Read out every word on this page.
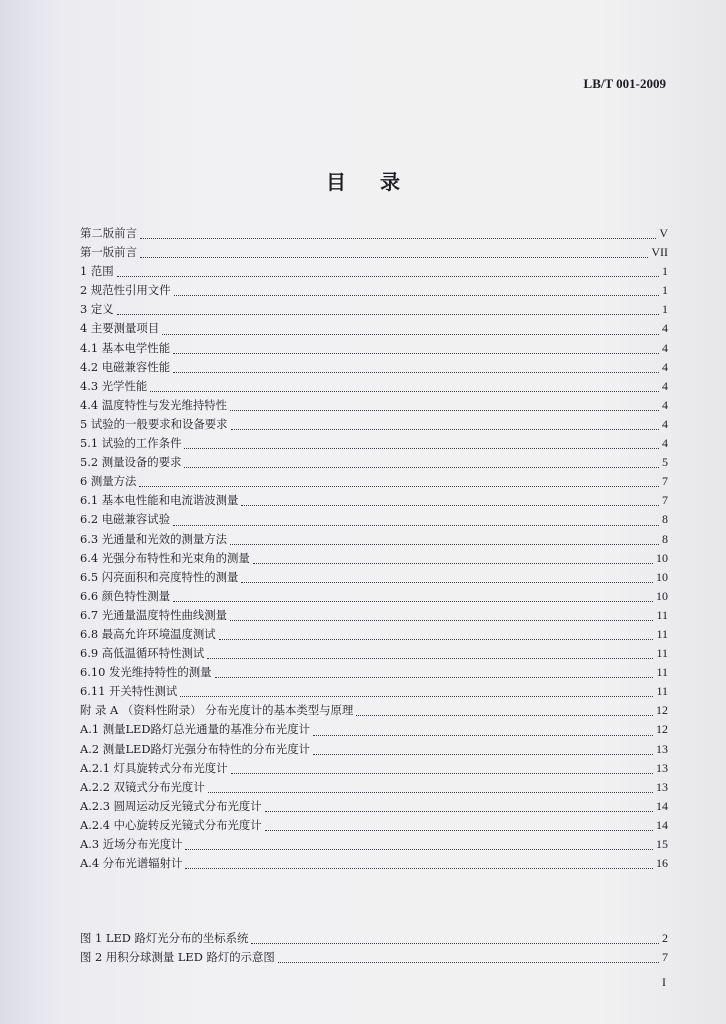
LB/T 001-2009
目录
第二版前言	V
第一版前言	VII
1 范围	1
2 规范性引用文件	1
3 定义	1
4 主要测量项目	4
4.1 基本电学性能	4
4.2 电磁兼容性能	4
4.3 光学性能	4
4.4 温度特性与发光维持特性	4
5 试验的一般要求和设备要求	4
5.1 试验的工作条件	4
5.2 测量设备的要求	5
6 测量方法	7
6.1 基本电性能和电流谐波测量	7
6.2 电磁兼容试验	8
6.3 光通量和光效的测量方法	8
6.4 光强分布特性和光束角的测量	10
6.5 闪亮面积和亮度特性的测量	10
6.6 颜色特性测量	10
6.7 光通量温度特性曲线测量	11
6.8 最高允许环境温度测试	11
6.9 高低温循环特性测试	11
6.10 发光维持特性的测量	11
6.11 开关特性测试	11
附 录 A （资料性附录） 分布光度计的基本类型与原理	12
A.1 测量LED路灯总光通量的基准分布光度计	12
A.2 测量LED路灯光强分布特性的分布光度计	13
A.2.1 灯具旋转式分布光度计	13
A.2.2 双镜式分布光度计	13
A.2.3 圆周运动反光镜式分布光度计	14
A.2.4 中心旋转反光镜式分布光度计	14
A.3 近场分布光度计	15
A.4 分布光谱辐射计	16
图 1 LED 路灯光分布的坐标系统	2
图 2 用积分球测量 LED 路灯的示意图	7
I
